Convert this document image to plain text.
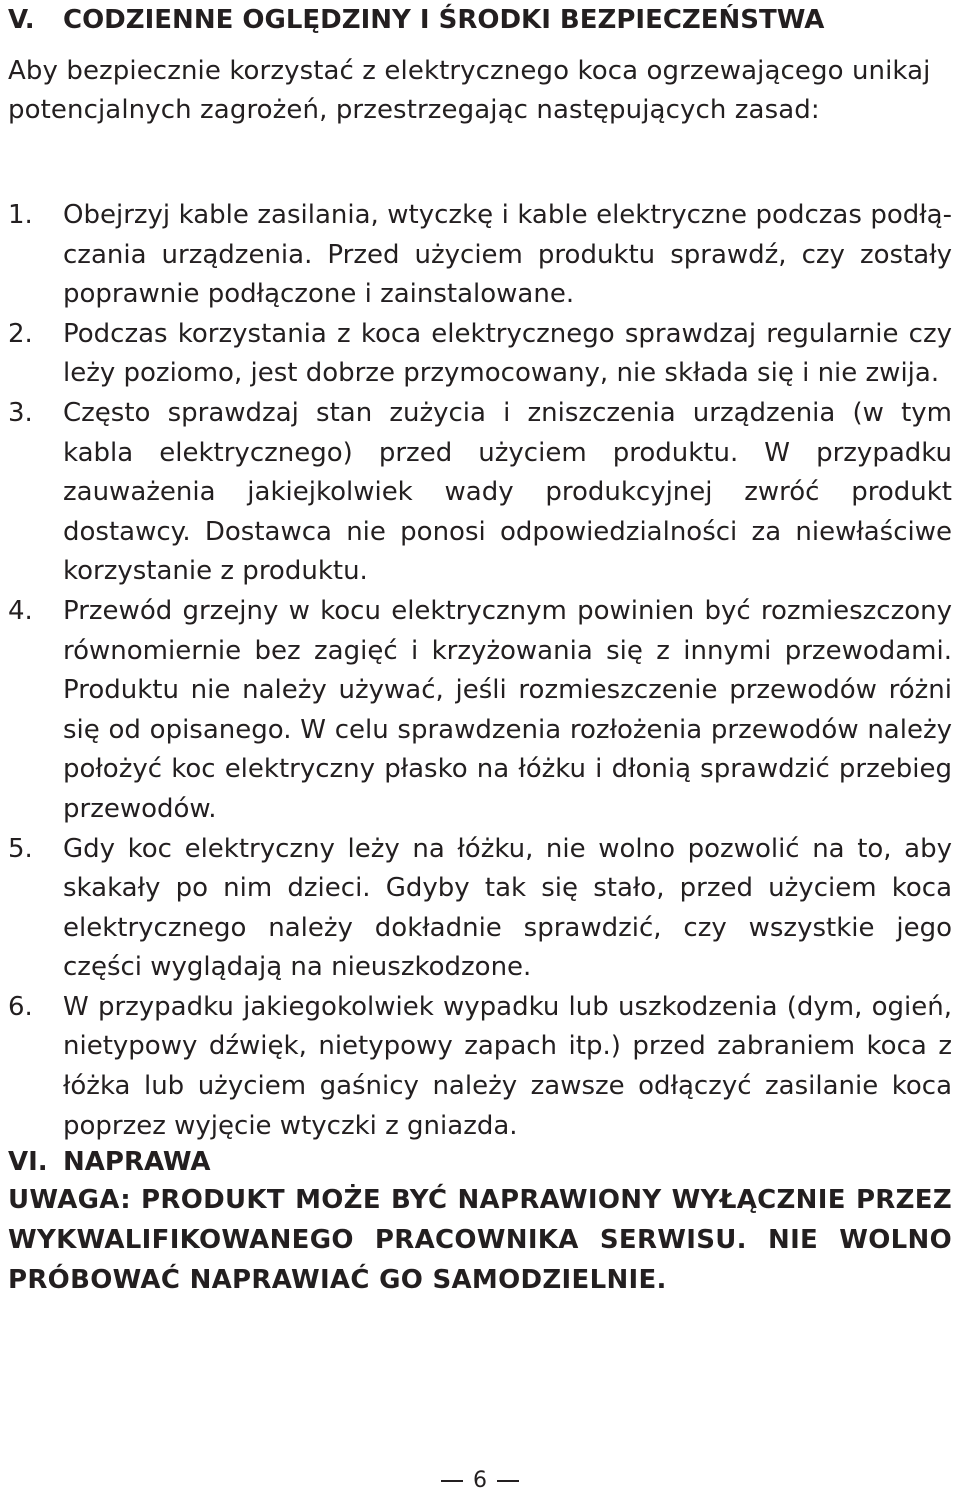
V. CODZIENNE OGLĘDZINY I ŚRODKI BEZPIECZEŃSTWA
Aby bezpiecznie korzystać z elektrycznego koca ogrzewającego unikaj potencjalnych zagrożeń, przestrzegając następujących zasad:
1.	Obejrzyj kable zasilania, wtyczkę i kable elektryczne podczas podłączania urządzenia. Przed użyciem produktu sprawdź, czy zostały poprawnie podłączone i zainstalowane.
2.	Podczas korzystania z koca elektrycznego sprawdzaj regularnie czy leży poziomo, jest dobrze przymocowany, nie składa się i nie zwija.
3.	Często sprawdzaj stan zużycia i zniszczenia urządzenia (w tym kabla elektrycznego) przed użyciem produktu. W przypadku zauważenia jakiejkolwiek wady produkcyjnej zwróć produkt dostawcy. Dostawca nie ponosi odpowiedzialności za niewłaściwe korzystanie z produktu.
4.	Przewód grzejny w kocu elektrycznym powinien być rozmieszczony równomiernie bez zagięć i krzyżowania się z innymi przewodami. Produktu nie należy używać, jeśli rozmieszczenie przewodów różni się od opisanego. W celu sprawdzenia rozłożenia przewodów należy położyć koc elektryczny płasko na łóżku i dłonią sprawdzić przebieg przewodów.
5.	Gdy koc elektryczny leży na łóżku, nie wolno pozwolić na to, aby skakały po nim dzieci. Gdyby tak się stało, przed użyciem koca elektrycznego należy dokładnie sprawdzić, czy wszystkie jego części wyglądają na nieuszkodzone.
6.	W przypadku jakiegokolwiek wypadku lub uszkodzenia (dym, ogień, nietypowy dźwięk, nietypowy zapach itp.) przed zabraniem koca z łóżka lub użyciem gaśnicy należy zawsze odłączyć zasilanie koca poprzez wyjęcie wtyczki z gniazda.
VI. NAPRAWA
UWAGA: PRODUKT MOŻE BYĆ NAPRAWIONY WYŁĄCZNIE PRZEZ WYKWALIFIKOWANEGO PRACOWNIKA SERWISU. NIE WOLNO PRÓBOWAĆ NAPRAWIAĆ GO SAMODZIELNIE.
6
